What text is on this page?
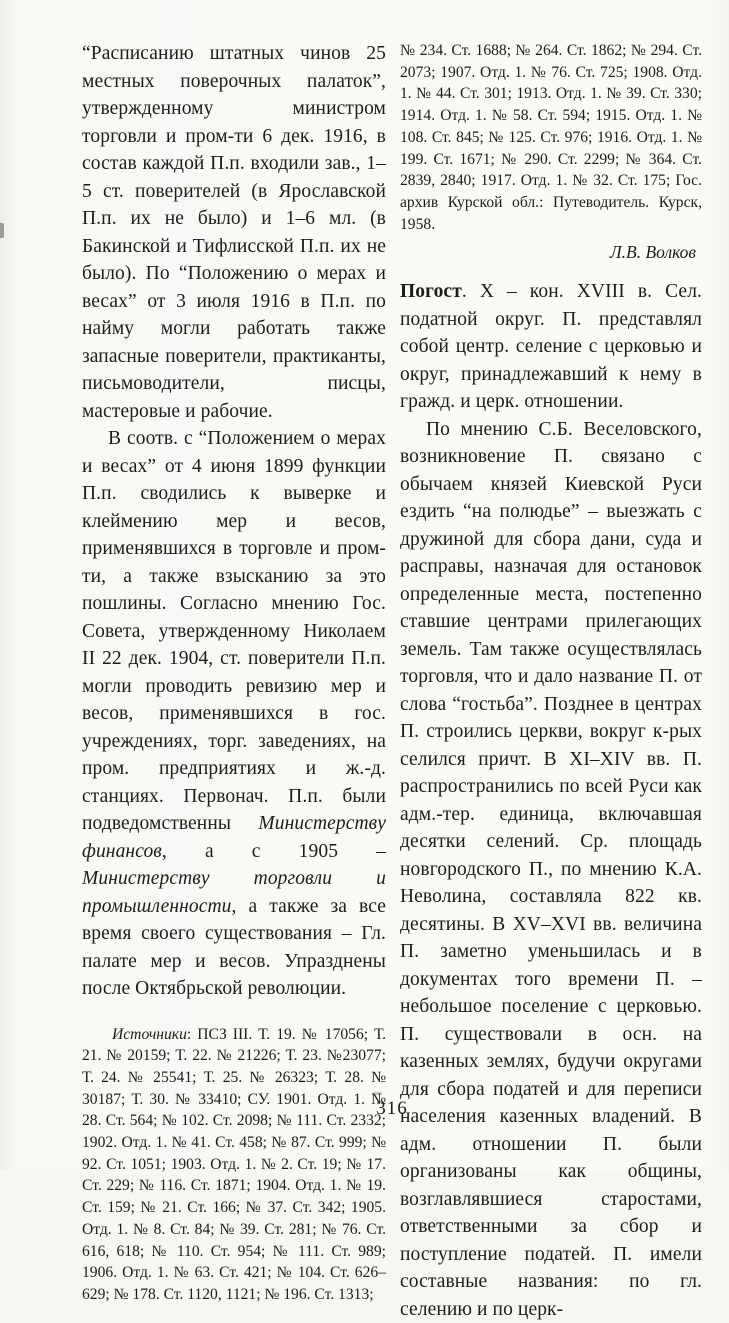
“Расписанию штатных чинов 25 местных поверочных палаток”, утвержденному министром торговли и пром-ти 6 дек. 1916, в состав каждой П.п. входили зав., 1–5 ст. поверителей (в Ярославской П.п. их не было) и 1–6 мл. (в Бакинской и Тифлисской П.п. их не было). По “Положению о мерах и весах” от 3 июля 1916 в П.п. по найму могли работать также запасные поверители, практиканты, письмоводители, писцы, мастеровые и рабочие.

В соотв. с “Положением о мерах и весах” от 4 июня 1899 функции П.п. сводились к выверке и клеймению мер и весов, применявшихся в торговле и пром-ти, а также взысканию за это пошлины. Согласно мнению Гос. Совета, утвержденному Николаем II 22 дек. 1904, ст. поверители П.п. могли проводить ревизию мер и весов, применявшихся в гос. учреждениях, торг. заведениях, на пром. предприятиях и ж.-д. станциях. Первонач. П.п. были подведомственны Министерству финансов, а с 1905 – Министерству торговли и промышленности, а также за все время своего существования – Гл. палате мер и весов. Упразднены после Октябрьской революции.

Источники: ПСЗ III. Т. 19. № 17056; Т. 21. № 20159; Т. 22. № 21226; Т. 23. №23077; Т. 24. № 25541; Т. 25. № 26323; Т. 28. № 30187; Т. 30. № 33410; СУ. 1901. Отд. 1. № 28. Ст. 564; № 102. Ст. 2098; № 111. Ст. 2332; 1902. Отд. 1. № 41. Ст. 458; № 87. Ст. 999; № 92. Ст. 1051; 1903. Отд. 1. № 2. Ст. 19; № 17. Ст. 229; № 116. Ст. 1871; 1904. Отд. 1. № 19. Ст. 159; № 21. Ст. 166; № 37. Ст. 342; 1905. Отд. 1. № 8. Ст. 84; № 39. Ст. 281; № 76. Ст. 616, 618; № 110. Ст. 954; № 111. Ст. 989; 1906. Отд. 1. № 63. Ст. 421; № 104. Ст. 626–629; № 178. Ст. 1120, 1121; № 196. Ст. 1313;

№ 234. Ст. 1688; № 264. Ст. 1862; № 294. Ст. 2073; 1907. Отд. 1. № 76. Ст. 725; 1908. Отд. 1. № 44. Ст. 301; 1913. Отд. 1. № 39. Ст. 330; 1914. Отд. 1. № 58. Ст. 594; 1915. Отд. 1. № 108. Ст. 845; № 125. Ст. 976; 1916. Отд. 1. № 199. Ст. 1671; № 290. Ст. 2299; № 364. Ст. 2839, 2840; 1917. Отд. 1. № 32. Ст. 175; Гос. архив Курской обл.: Путеводитель. Курск, 1958.

Л.В. Волков

Погост. X – кон. XVIII в. Сел. податной округ. П. представлял собой центр. селение с церковью и округ, принадлежавший к нему в гражд. и церк. отношении.

По мнению С.Б. Веселовского, возникновение П. связано с обычаем князей Киевской Руси ездить “на полюдье” – выезжать с дружиной для сбора дани, суда и расправы, назначая для остановок определенные места, постепенно ставшие центрами прилегающих земель. Там также осуществлялась торговля, что и дало название П. от слова “гостьба”. Позднее в центрах П. строились церкви, вокруг к-рых селился причт. В XI–XIV вв. П. распространились по всей Руси как адм.-тер. единица, включавшая десятки селений. Ср. площадь новгородского П., по мнению К.А. Неволина, составляла 822 кв. десятины. В XV–XVI вв. величина П. заметно уменьшилась и в документах того времени П. – небольшое поселение с церковью. П. существовали в осн. на казенных землях, будучи округами для сбора податей и для переписи населения казенных владений. В адм. отношении П. были организованы как общины, возглавлявшиеся старостами, ответственными за сбор и поступление податей. П. имели составные названия: по гл. селению и по церк-

316
